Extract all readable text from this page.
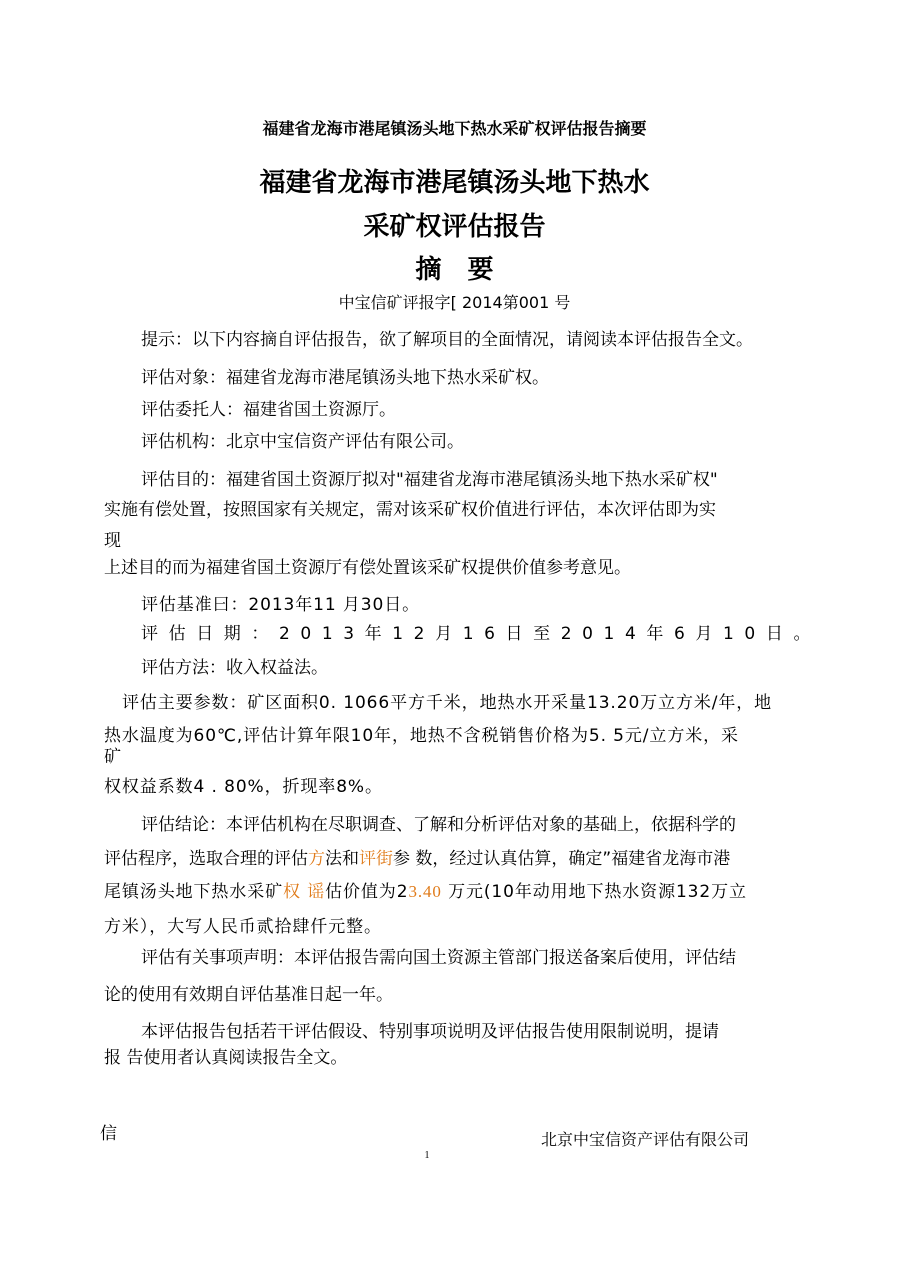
福建省龙海市港尾镇汤头地下热水采矿权评估报告摘要
福建省龙海市港尾镇汤头地下热水
采矿权评估报告
摘　要
中宝信矿评报字[ 2014第001 号
提示：以下内容摘自评估报告，欲了解项目的全面情况，请阅读本评估报告全文。
评估对象：福建省龙海市港尾镇汤头地下热水采矿权。
评估委托人：福建省国土资源厅。
评估机构：北京中宝信资产评估有限公司。
评估目的：福建省国土资源厅拟对"福建省龙海市港尾镇汤头地下热水采矿权"
实施有偿处置，按照国家有关规定，需对该采矿权价值进行评估，本次评估即为实
现
上述目的而为福建省国土资源厅有偿处置该采矿权提供价值参考意见。
评估基准曰：2013年11 月30日。
评估日期：2013年12月16日至2014年6月10日。
评估方法：收入权益法。
评估主要参数：矿区面积0. 1066平方千米，地热水开采量13.20万立方米/年，地
热水温度为60℃,评估计算年限10年，地热不含税销售价格为5. 5元/立方米，采
矿
权权益系数4 . 80%，折现率8%。
评估结论：本评估机构在尽职调查、了解和分析评估对象的基础上，依据科学的
评估程序，选取合理的评估方法和评街参 数，经过认真估算，确定”福建省龙海市港
尾镇汤头地下热水采矿权 谣估价值为23.40 万元(10年动用地下热水资源132万立
方米），大写人民币贰拾肆仟元整。
评估有关事项声明：本评估报告需向国土资源主管部门报送备案后使用，评估结
论的使用有效期自评估基准日起一年。
本评估报告包括若干评估假设、特别事项说明及评估报告使用限制说明，提请
报 告使用者认真阅读报告全文。
信	北京中宝信资产评估有限公司
1
